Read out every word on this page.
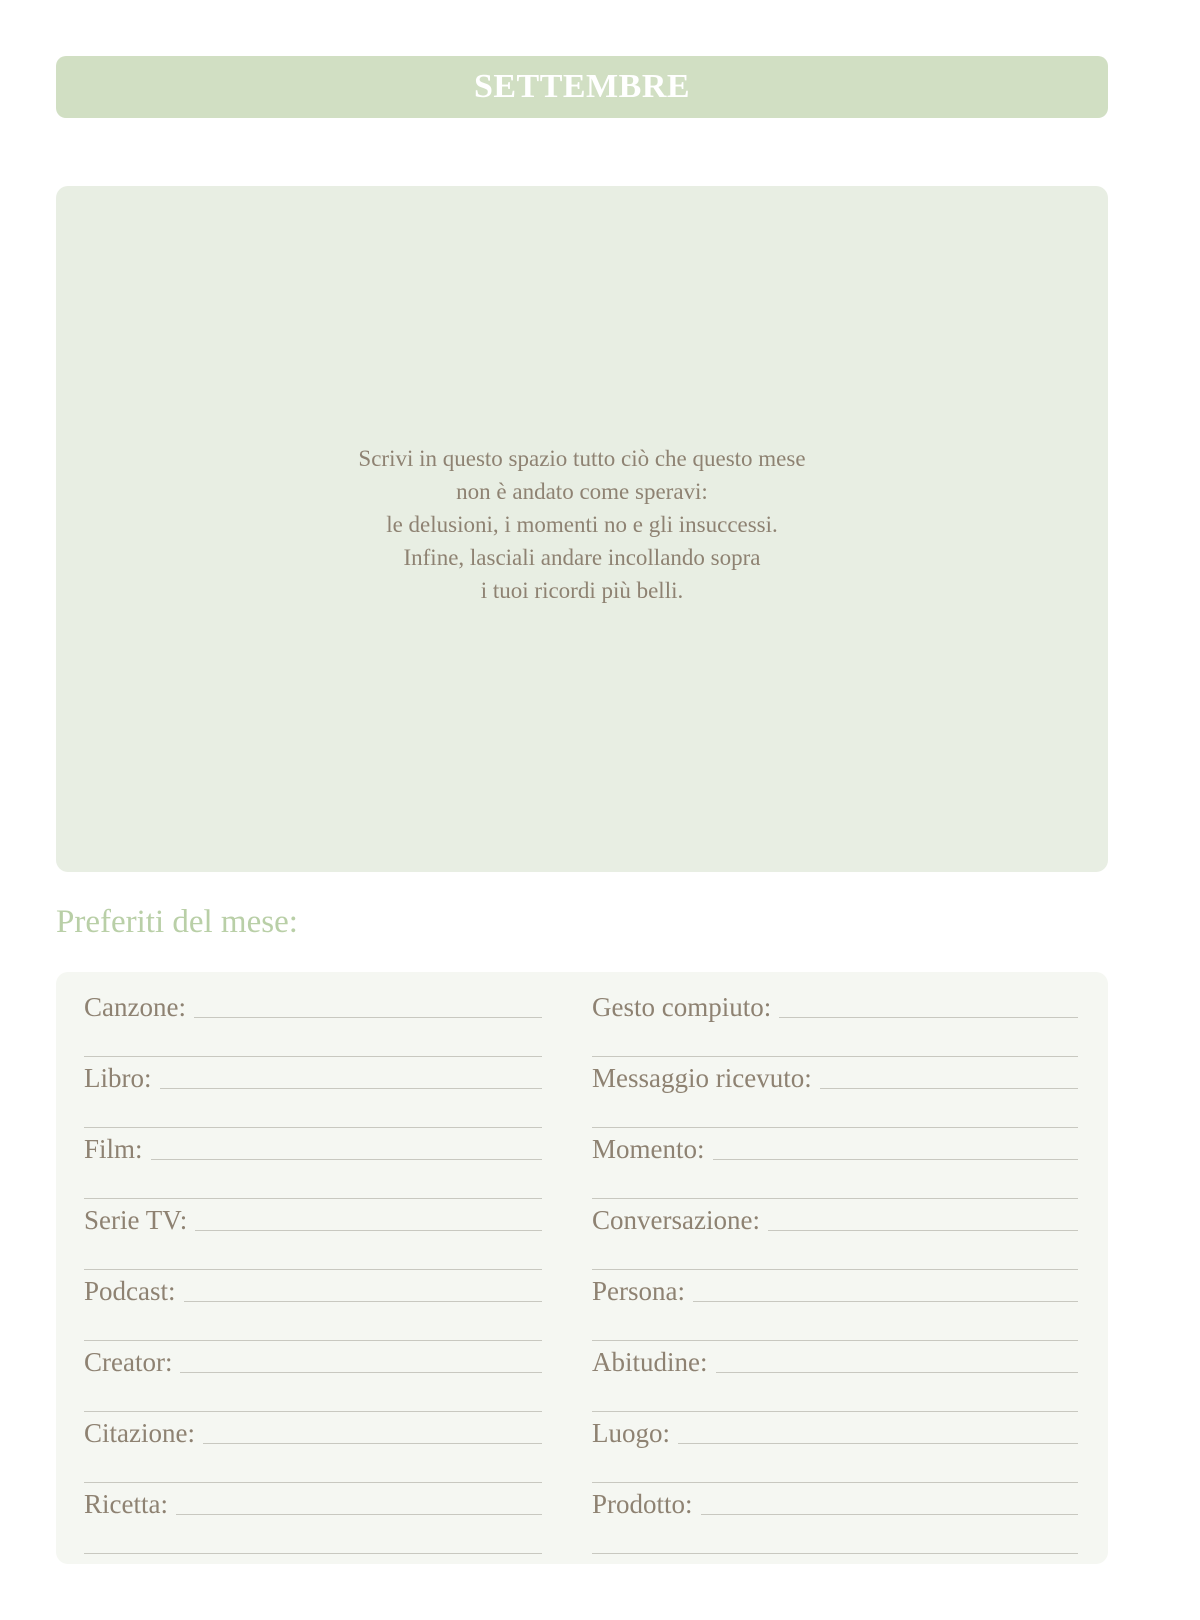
SETTEMBRE
Scrivi in questo spazio tutto ciò che questo mese
non è andato come speravi:
le delusioni, i momenti no e gli insuccessi.
Infine, lasciali andare incollando sopra
i tuoi ricordi più belli.
Preferiti del mese:
Canzone:
Libro:
Film:
Serie TV:
Podcast:
Creator:
Citazione:
Ricetta:
Gesto compiuto:
Messaggio ricevuto:
Momento:
Conversazione:
Persona:
Abitudine:
Luogo:
Prodotto:
